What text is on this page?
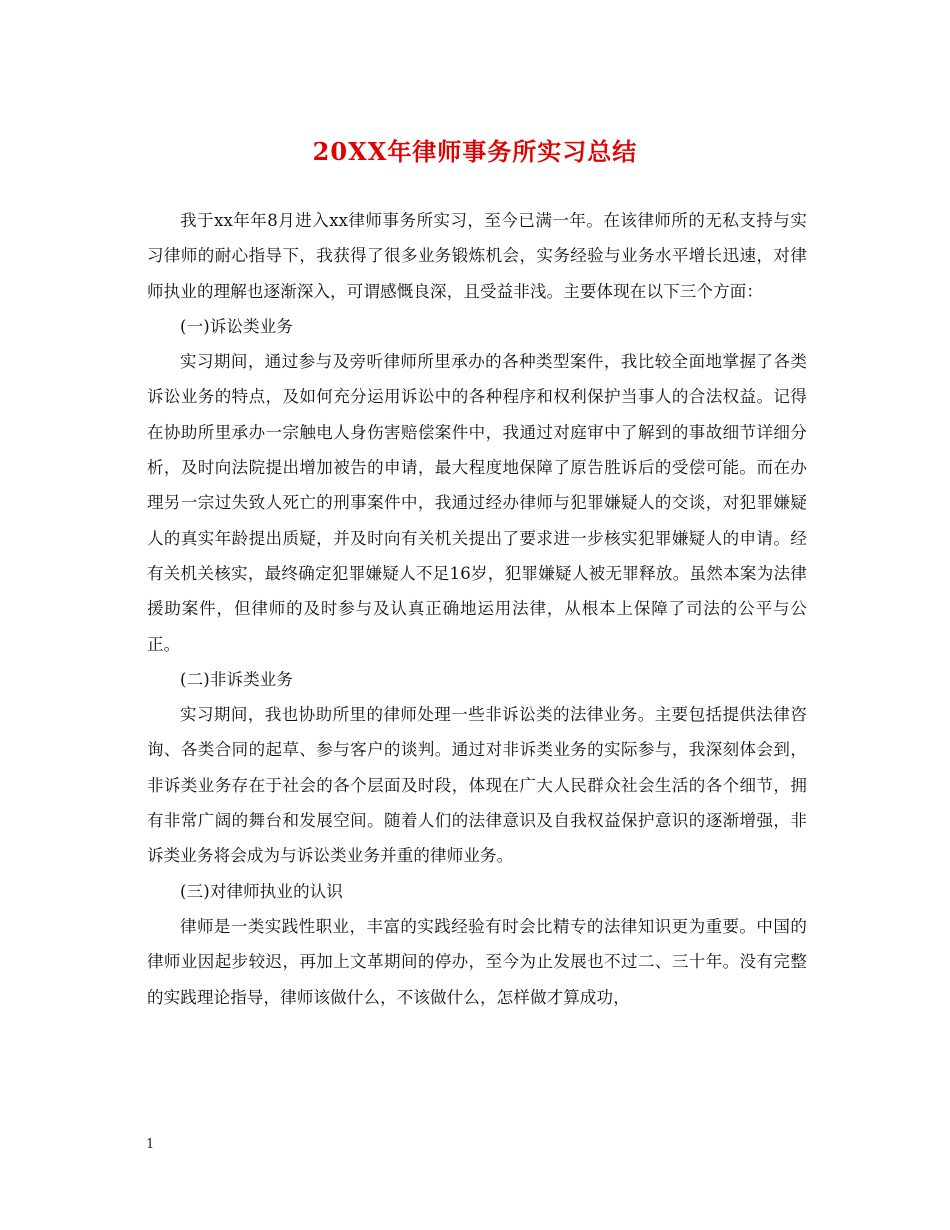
20XX年律师事务所实习总结

我于xx年年8月进入xx律师事务所实习，至今已满一年。在该律师所的无私支持与实习律师的耐心指导下，我获得了很多业务锻炼机会，实务经验与业务水平增长迅速，对律师执业的理解也逐渐深入，可谓感慨良深，且受益非浅。主要体现在以下三个方面：

(一)诉讼类业务

实习期间，通过参与及旁听律师所里承办的各种类型案件，我比较全面地掌握了各类诉讼业务的特点，及如何充分运用诉讼中的各种程序和权利保护当事人的合法权益。记得在协助所里承办一宗触电人身伤害赔偿案件中，我通过对庭审中了解到的事故细节详细分析，及时向法院提出增加被告的申请，最大程度地保障了原告胜诉后的受偿可能。而在办理另一宗过失致人死亡的刑事案件中，我通过经办律师与犯罪嫌疑人的交谈，对犯罪嫌疑人的真实年龄提出质疑，并及时向有关机关提出了要求进一步核实犯罪嫌疑人的申请。经有关机关核实，最终确定犯罪嫌疑人不足16岁，犯罪嫌疑人被无罪释放。虽然本案为法律援助案件，但律师的及时参与及认真正确地运用法律，从根本上保障了司法的公平与公正。

(二)非诉类业务

实习期间，我也协助所里的律师处理一些非诉讼类的法律业务。主要包括提供法律咨询、各类合同的起草、参与客户的谈判。通过对非诉类业务的实际参与，我深刻体会到，非诉类业务存在于社会的各个层面及时段，体现在广大人民群众社会生活的各个细节，拥有非常广阔的舞台和发展空间。随着人们的法律意识及自我权益保护意识的逐渐增强，非诉类业务将会成为与诉讼类业务并重的律师业务。

(三)对律师执业的认识

律师是一类实践性职业，丰富的实践经验有时会比精专的法律知识更为重要。中国的律师业因起步较迟，再加上文革期间的停办，至今为止发展也不过二、三十年。没有完整的实践理论指导，律师该做什么，不该做什么，怎样做才算成功，

1
